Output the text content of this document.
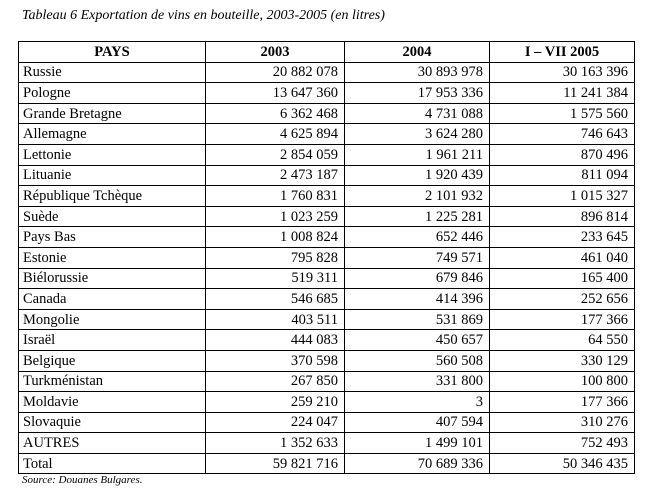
Tableau 6 Exportation de vins en bouteille, 2003-2005 (en litres)
PAYS	2003	2004	I – VII 2005
Russie	20 882 078	30 893 978	30 163 396
Pologne	13 647 360	17 953 336	11 241 384
Grande Bretagne	6 362 468	4 731 088	1 575 560
Allemagne	4 625 894	3 624 280	746 643
Lettonie	2 854 059	1 961 211	870 496
Lituanie	2 473 187	1 920 439	811 094
République Tchèque	1 760 831	2 101 932	1 015 327
Suède	1 023 259	1 225 281	896 814
Pays Bas	1 008 824	652 446	233 645
Estonie	795 828	749 571	461 040
Biélorussie	519 311	679 846	165 400
Canada	546 685	414 396	252 656
Mongolie	403 511	531 869	177 366
Israël	444 083	450 657	64 550
Belgique	370 598	560 508	330 129
Turkménistan	267 850	331 800	100 800
Moldavie	259 210	3	177 366
Slovaquie	224 047	407 594	310 276
AUTRES	1 352 633	1 499 101	752 493
Total	59 821 716	70 689 336	50 346 435
Source: Douanes Bulgares.
